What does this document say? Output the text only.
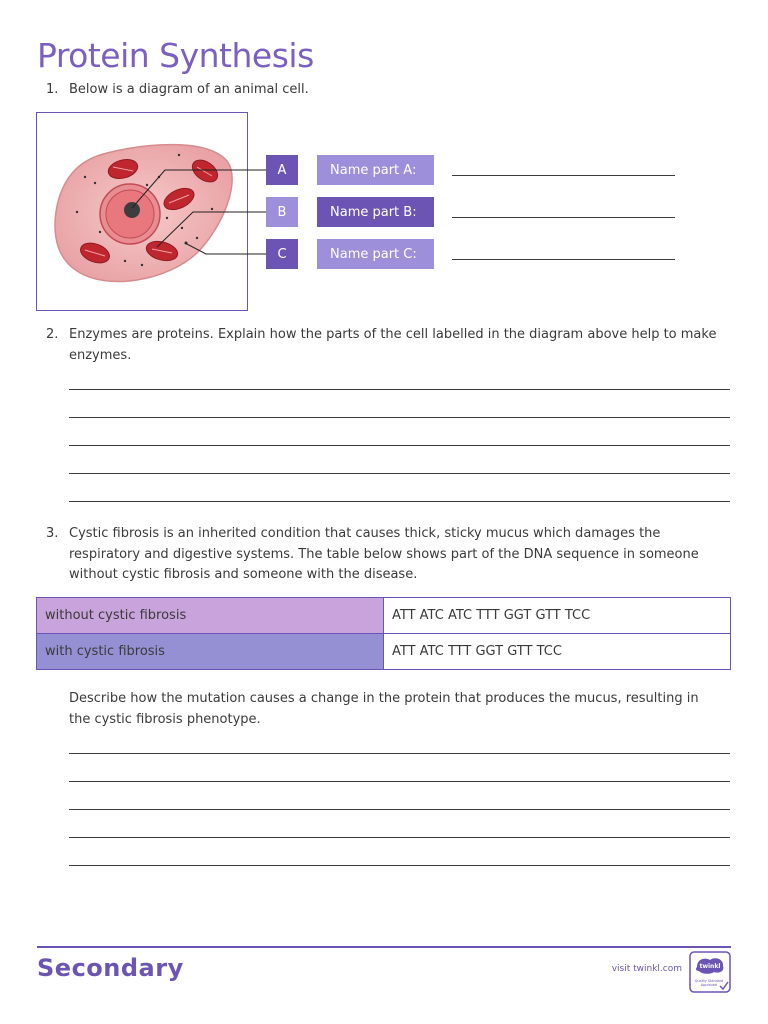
Protein Synthesis
1. Below is a diagram of an animal cell.
A
B
C
Name part A:
Name part B:
Name part C:
2. Enzymes are proteins. Explain how the parts of the cell labelled in the diagram above help to make
enzymes.
3. Cystic fibrosis is an inherited condition that causes thick, sticky mucus which damages the
respiratory and digestive systems. The table below shows part of the DNA sequence in someone
without cystic fibrosis and someone with the disease.
without cystic fibrosis	ATT ATC ATC TTT GGT GTT TCC
with cystic fibrosis	ATT ATC TTT GGT GTT TCC
Describe how the mutation causes a change in the protein that produces the mucus, resulting in
the cystic fibrosis phenotype.
Secondary	visit twinkl.com	twinkl
Quality Standard
Approved
